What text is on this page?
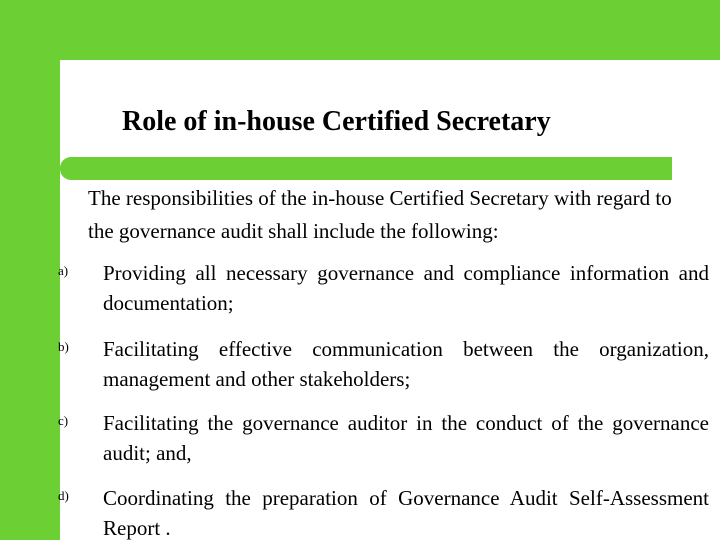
Role of in-house Certified Secretary
The responsibilities of the in-house Certified Secretary with regard to the governance audit shall include the following:
a) Providing all necessary governance and compliance information and documentation;
b) Facilitating effective communication between the organization, management and other stakeholders;
c) Facilitating the governance auditor in the conduct of the governance audit; and,
d) Coordinating the preparation of Governance Audit Self-Assessment Report .
